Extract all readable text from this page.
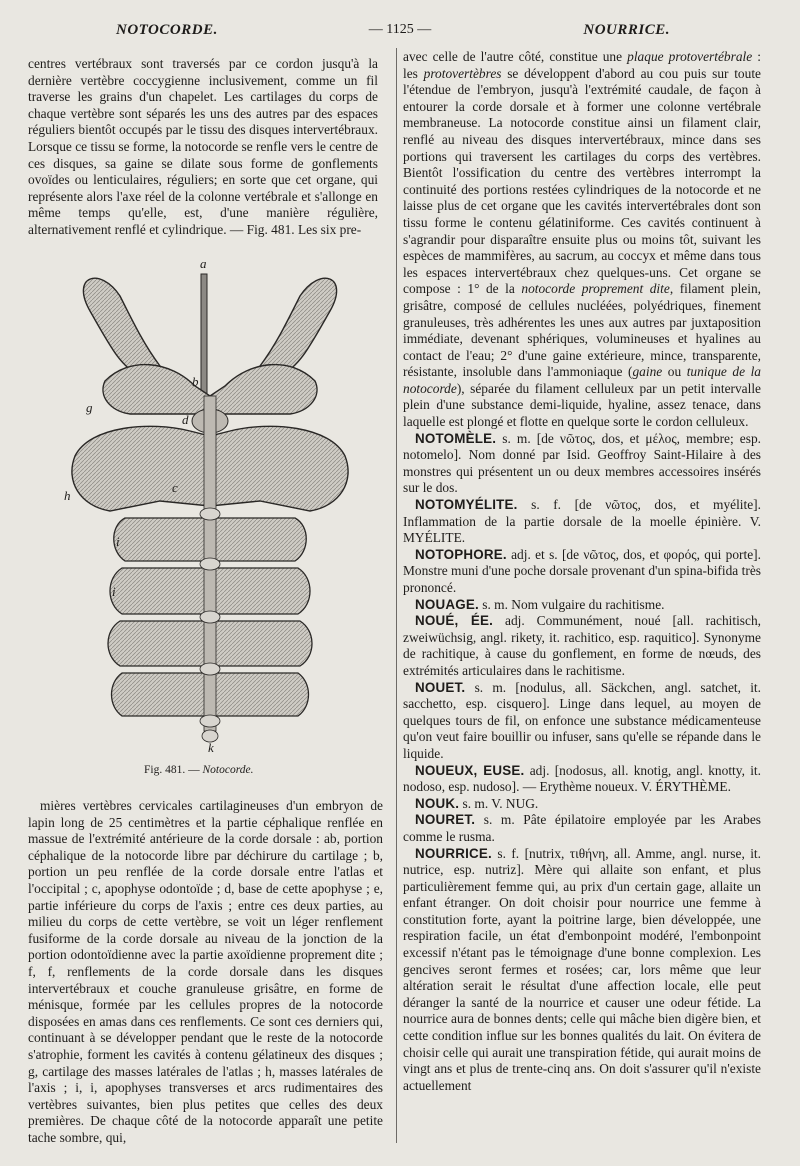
NOTOCORDE.	— 1125 —	NOURRICE.

centres vertébraux sont traversés par ce cordon jusqu'à la dernière vertèbre coccygienne inclusivement, comme un fil traverse les grains d'un chapelet. Les cartilages du corps de chaque vertèbre sont séparés les uns des autres par des espaces réguliers bientôt occupés par le tissu des disques intervertébraux. Lorsque ce tissu se forme, la notocorde se renfle vers le centre de ces disques, sa gaine se dilate sous forme de gonflements ovoïdes ou lenticulaires, réguliers; en sorte que cet organe, qui représente alors l'axe réel de la colonne vertébrale et s'allonge en même temps qu'elle, est, d'une manière régulière, alternativement renflé et cylindrique. — Fig. 481. Les six pre-

a
b
c
d
g
h
i
i
k
Fig. 481. — Notocorde.

mières vertèbres cervicales cartilagineuses d'un embryon de lapin long de 25 centimètres et la partie céphalique renflée en massue de l'extrémité antérieure de la corde dorsale : ab, portion céphalique de la notocorde libre par déchirure du cartilage ; b, portion un peu renflée de la corde dorsale entre l'atlas et l'occipital ; c, apophyse odontoïde ; d, base de cette apophyse ; e, partie inférieure du corps de l'axis ; entre ces deux parties, au milieu du corps de cette vertèbre, se voit un léger renflement fusiforme de la corde dorsale au niveau de la jonction de la portion odontoïdienne avec la partie axoïdienne proprement dite ; f, f, renflements de la corde dorsale dans les disques intervertébraux et couche granuleuse grisâtre, en forme de ménisque, formée par les cellules propres de la notocorde disposées en amas dans ces renflements. Ce sont ces derniers qui, continuant à se développer pendant que le reste de la notocorde s'atrophie, forment les cavités à contenu gélatineux des disques ; g, cartilage des masses latérales de l'atlas ; h, masses latérales de l'axis ; i, i, apophyses transverses et arcs rudimentaires des vertèbres suivantes, bien plus petites que celles des deux premières. De chaque côté de la notocorde apparaît une petite tache sombre, qui,

avec celle de l'autre côté, constitue une plaque protovertébrale : les protovertèbres se développent d'abord au cou puis sur toute l'étendue de l'embryon, jusqu'à l'extrémité caudale, de façon à entourer la corde dorsale et à former une colonne vertébrale membraneuse. La notocorde constitue ainsi un filament clair, renflé au niveau des disques intervertébraux, mince dans ses portions qui traversent les cartilages du corps des vertèbres. Bientôt l'ossification du centre des vertèbres interrompt la continuité des portions restées cylindriques de la notocorde et ne laisse plus de cet organe que les cavités intervertébrales dont son tissu forme le contenu gélatiniforme. Ces cavités continuent à s'agrandir pour disparaître ensuite plus ou moins tôt, suivant les espèces de mammifères, au sacrum, au coccyx et même dans tous les espaces intervertébraux chez quelques-uns. Cet organe se compose : 1° de la notocorde proprement dite, filament plein, grisâtre, composé de cellules nucléées, polyédriques, finement granuleuses, très adhérentes les unes aux autres par juxtaposition immédiate, devenant sphériques, volumineuses et hyalines au contact de l'eau; 2° d'une gaine extérieure, mince, transparente, résistante, insoluble dans l'ammoniaque (gaine ou tunique de la notocorde), séparée du filament celluleux par un petit intervalle plein d'une substance demi-liquide, hyaline, assez tenace, dans laquelle est plongé et flotte en quelque sorte le cordon celluleux.

NOTOMÈLE. s. m. [de νῶτος, dos, et μέλος, membre; esp. notomelo]. Nom donné par Isid. Geoffroy Saint-Hilaire à des monstres qui présentent un ou deux membres accessoires insérés sur le dos.

NOTOMYÉLITE. s. f. [de νῶτος, dos, et myélite]. Inflammation de la partie dorsale de la moelle épinière. V. MYÉLITE.

NOTOPHORE. adj. et s. [de νῶτος, dos, et φορός, qui porte]. Monstre muni d'une poche dorsale provenant d'un spina-bifida très prononcé.

NOUAGE. s. m. Nom vulgaire du rachitisme.

NOUÉ, ÉE. adj. Communément, noué [all. rachitisch, zweiwüchsig, angl. rikety, it. rachitico, esp. raquitico]. Synonyme de rachitique, à cause du gonflement, en forme de nœuds, des extrémités articulaires dans le rachitisme.

NOUET. s. m. [nodulus, all. Säckchen, angl. satchet, it. sacchetto, esp. cisquero]. Linge dans lequel, au moyen de quelques tours de fil, on enfonce une substance médicamenteuse qu'on veut faire bouillir ou infuser, sans qu'elle se répande dans le liquide.

NOUEUX, EUSE. adj. [nodosus, all. knotig, angl. knotty, it. nodoso, esp. nudoso]. — Erythème noueux. V. ÉRYTHÈME.

NOUK. s. m. V. NUG.

NOURET. s. m. Pâte épilatoire employée par les Arabes comme le rusma.

NOURRICE. s. f. [nutrix, τιθήνη, all. Amme, angl. nurse, it. nutrice, esp. nutriz]. Mère qui allaite son enfant, et plus particulièrement femme qui, au prix d'un certain gage, allaite un enfant étranger. On doit choisir pour nourrice une femme à constitution forte, ayant la poitrine large, bien développée, une respiration facile, un état d'embonpoint modéré, l'embonpoint excessif n'étant pas le témoignage d'une bonne complexion. Les gencives seront fermes et rosées; car, lors même que leur altération serait le résultat d'une affection locale, elle peut déranger la santé de la nourrice et causer une odeur fétide. La nourrice aura de bonnes dents; celle qui mâche bien digère bien, et cette condition influe sur les bonnes qualités du lait. On évitera de choisir celle qui aurait une transpiration fétide, qui aurait moins de vingt ans et plus de trente-cinq ans. On doit s'assurer qu'il n'existe actuellement
